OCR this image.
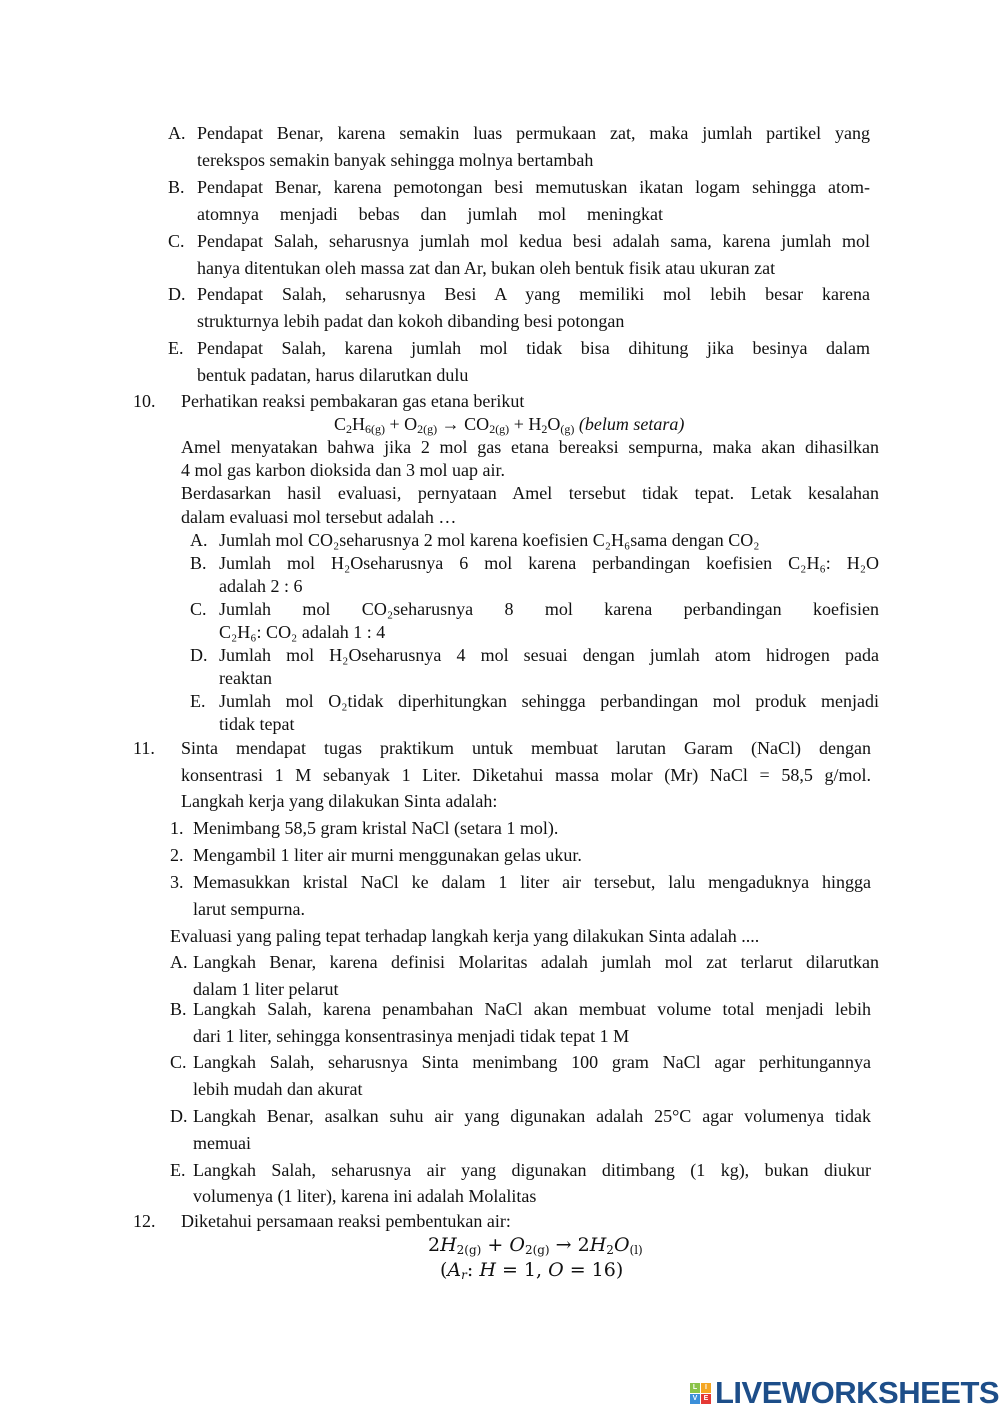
A. Pendapat Benar, karena semakin luas permukaan zat, maka jumlah partikel yang
terekspos semakin banyak sehingga molnya bertambah
B. Pendapat Benar, karena pemotongan besi memutuskan ikatan logam sehingga atom-
atomnya menjadi bebas dan jumlah mol meningkat
C. Pendapat Salah, seharusnya jumlah mol kedua besi adalah sama, karena jumlah mol
hanya ditentukan oleh massa zat dan Ar, bukan oleh bentuk fisik atau ukuran zat
D. Pendapat Salah, seharusnya Besi A yang memiliki mol lebih besar karena
strukturnya lebih padat dan kokoh dibanding besi potongan
E. Pendapat Salah, karena jumlah mol tidak bisa dihitung jika besinya dalam
bentuk padatan, harus dilarutkan dulu
10. Perhatikan reaksi pembakaran gas etana berikut
$C_2H_{6(g)} + O_{2(g)} \to CO_{2(g)} + H_2O_{(g)}$ (belum setara)
Amel menyatakan bahwa jika 2 mol gas etana bereaksi sempurna, maka akan dihasilkan
4 mol gas karbon dioksida dan 3 mol uap air.
Berdasarkan hasil evaluasi, pernyataan Amel tersebut tidak tepat. Letak kesalahan
dalam evaluasi mol tersebut adalah …
A. Jumlah mol CO₂seharusnya 2 mol karena koefisien C₂H₆sama dengan CO₂
B. Jumlah mol H₂Oseharusnya 6 mol karena perbandingan koefisien C₂H₆: H₂O
adalah 2 : 6
C. Jumlah mol CO₂seharusnya 8 mol karena perbandingan koefisien
C₂H₆: CO₂ adalah 1 : 4
D. Jumlah mol H₂Oseharusnya 4 mol sesuai dengan jumlah atom hidrogen pada
reaktan
E. Jumlah mol O₂tidak diperhitungkan sehingga perbandingan mol produk menjadi
tidak tepat
11. Sinta mendapat tugas praktikum untuk membuat larutan Garam (NaCl) dengan
konsentrasi 1 M sebanyak 1 Liter. Diketahui massa molar (Mr) NaCl = 58,5 g/mol.
Langkah kerja yang dilakukan Sinta adalah:
1. Menimbang 58,5 gram kristal NaCl (setara 1 mol).
2. Mengambil 1 liter air murni menggunakan gelas ukur.
3. Memasukkan kristal NaCl ke dalam 1 liter air tersebut, lalu mengaduknya hingga
larut sempurna.
Evaluasi yang paling tepat terhadap langkah kerja yang dilakukan Sinta adalah ....
A. Langkah Benar, karena definisi Molaritas adalah jumlah mol zat terlarut dilarutkan
dalam 1 liter pelarut
B. Langkah Salah, karena penambahan NaCl akan membuat volume total menjadi lebih
dari 1 liter, sehingga konsentrasinya menjadi tidak tepat 1 M
C. Langkah Salah, seharusnya Sinta menimbang 100 gram NaCl agar perhitungannya
lebih mudah dan akurat
D. Langkah Benar, asalkan suhu air yang digunakan adalah 25°C agar volumenya tidak
memuai
E. Langkah Salah, seharusnya air yang digunakan ditimbang (1 kg), bukan diukur
volumenya (1 liter), karena ini adalah Molalitas
12. Diketahui persamaan reaksi pembentukan air:
$2H_{2(g)} + O_{2(g)} \to 2H_2O_{(l)}$
($A_r$: H = 1, O = 16)
L	I
V E LIVEWORKSHEETS
